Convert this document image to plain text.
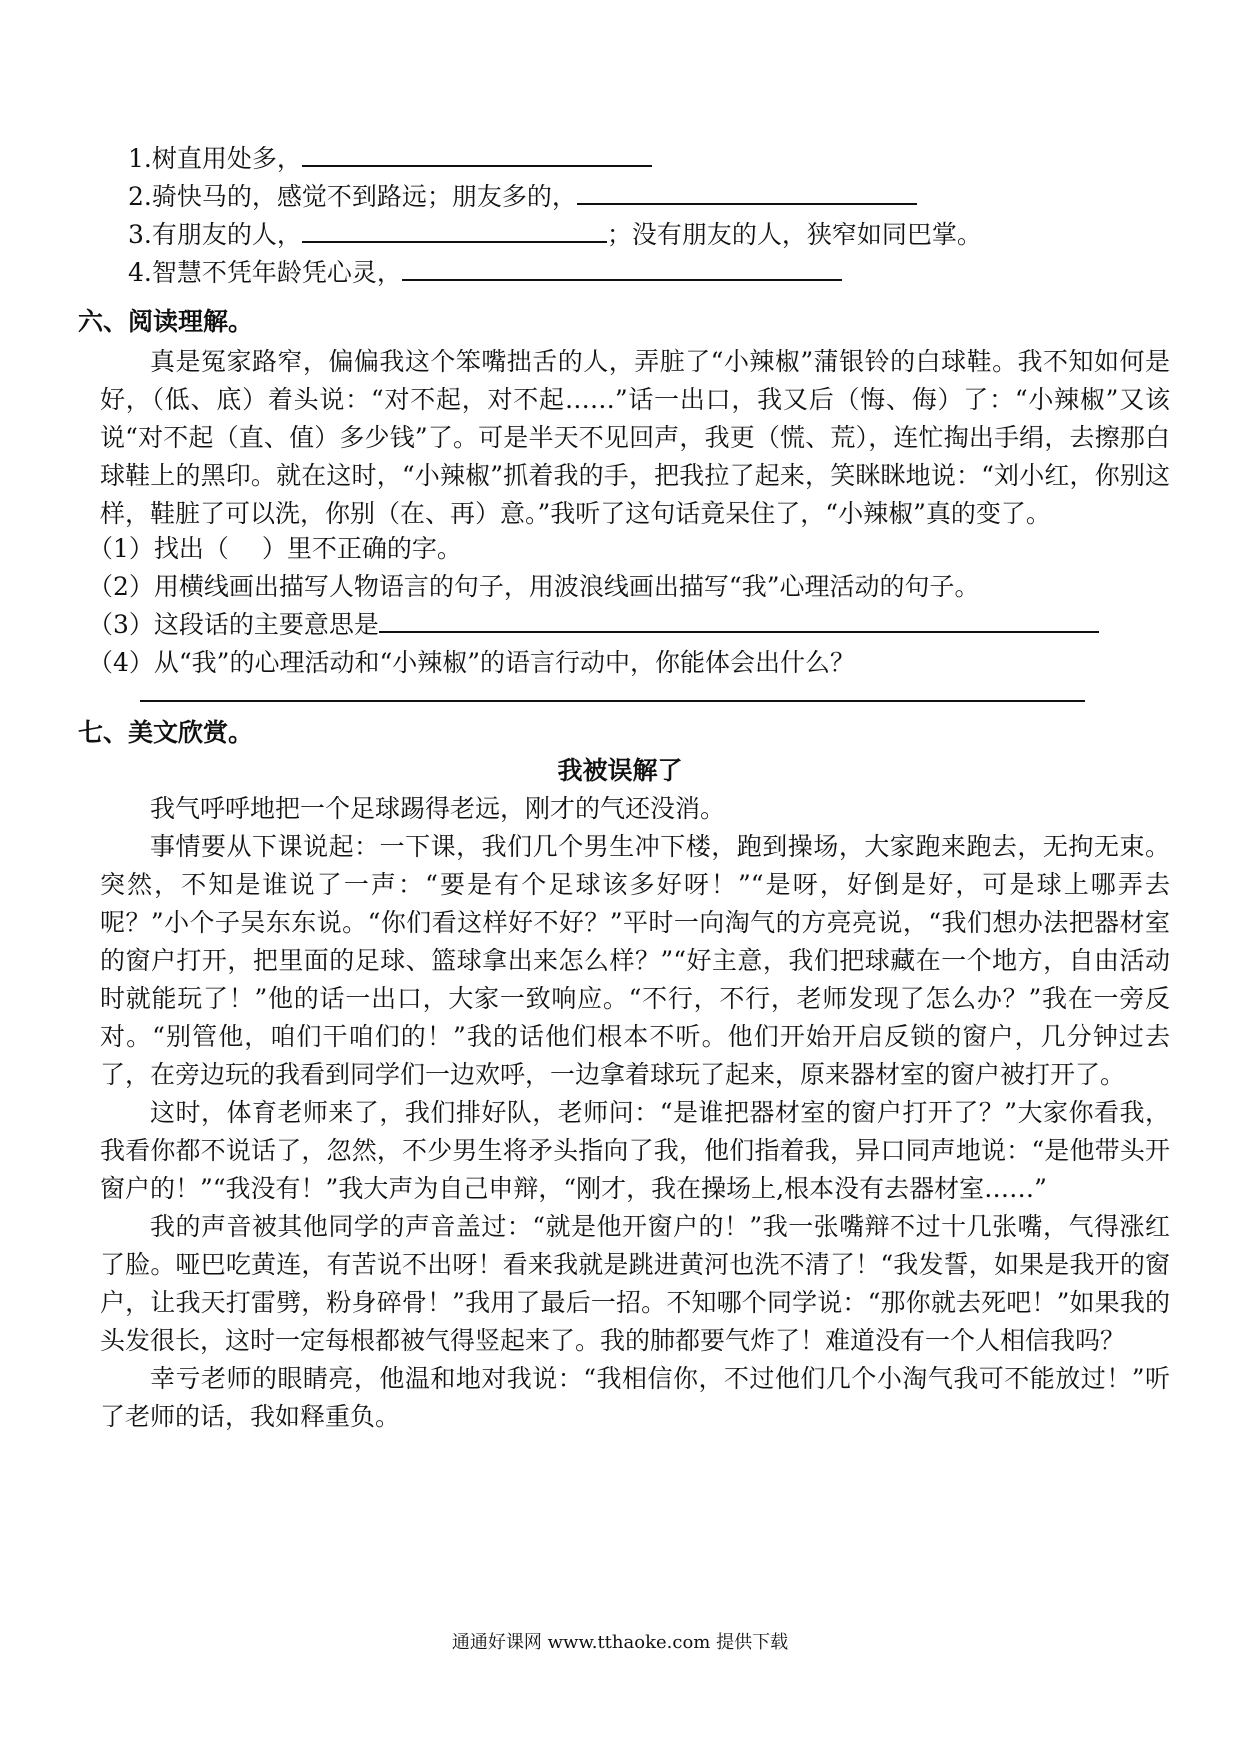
1.树直用处多，
2.骑快马的，感觉不到路远；朋友多的，
3.有朋友的人，	；没有朋友的人，狭窄如同巴掌。
4.智慧不凭年龄凭心灵，
六、阅读理解。
真是冤家路窄，偏偏我这个笨嘴拙舌的人，弄脏了“小辣椒”蒲银铃的白球鞋。我不知如何是好，（低、底）着头说：“对不起，对不起……”话一出口，我又后（悔、侮）了：“小辣椒”又该说“对不起（直、值）多少钱”了。可是半天不见回声，我更（慌、荒），连忙掏出手绢，去擦那白球鞋上的黑印。就在这时，“小辣椒”抓着我的手，把我拉了起来，笑眯眯地说：“刘小红，你别这样，鞋脏了可以洗，你别（在、再）意。”我听了这句话竟呆住了，“小辣椒”真的变了。
（1）找出（　 ）里不正确的字。
（2）用横线画出描写人物语言的句子，用波浪线画出描写“我”心理活动的句子。
（3）这段话的主要意思是
（4）从“我”的心理活动和“小辣椒”的语言行动中，你能体会出什么？
七、美文欣赏。
我被误解了
我气呼呼地把一个足球踢得老远，刚才的气还没消。
事情要从下课说起：一下课，我们几个男生冲下楼，跑到操场，大家跑来跑去，无拘无束。突然，不知是谁说了一声：“要是有个足球该多好呀！”“是呀，好倒是好，可是球上哪弄去呢？”小个子吴东东说。“你们看这样好不好？”平时一向淘气的方亮亮说，“我们想办法把器材室的窗户打开，把里面的足球、篮球拿出来怎么样？”“好主意，我们把球藏在一个地方，自由活动时就能玩了！”他的话一出口，大家一致响应。“不行，不行，老师发现了怎么办？”我在一旁反对。“别管他，咱们干咱们的！”我的话他们根本不听。他们开始开启反锁的窗户，几分钟过去了，在旁边玩的我看到同学们一边欢呼，一边拿着球玩了起来，原来器材室的窗户被打开了。
这时，体育老师来了，我们排好队，老师问：“是谁把器材室的窗户打开了？”大家你看我，我看你都不说话了，忽然，不少男生将矛头指向了我，他们指着我，异口同声地说：“是他带头开窗户的！”“我没有！”我大声为自己申辩，“刚才，我在操场上,根本没有去器材室……”
我的声音被其他同学的声音盖过：“就是他开窗户的！”我一张嘴辩不过十几张嘴，气得涨红了脸。哑巴吃黄连，有苦说不出呀！看来我就是跳进黄河也洗不清了！“我发誓，如果是我开的窗户，让我天打雷劈，粉身碎骨！”我用了最后一招。不知哪个同学说：“那你就去死吧！”如果我的头发很长，这时一定每根都被气得竖起来了。我的肺都要气炸了！难道没有一个人相信我吗？
幸亏老师的眼睛亮，他温和地对我说：“我相信你，不过他们几个小淘气我可不能放过！”听了老师的话，我如释重负。
通通好课网 www.tthaoke.com 提供下载
